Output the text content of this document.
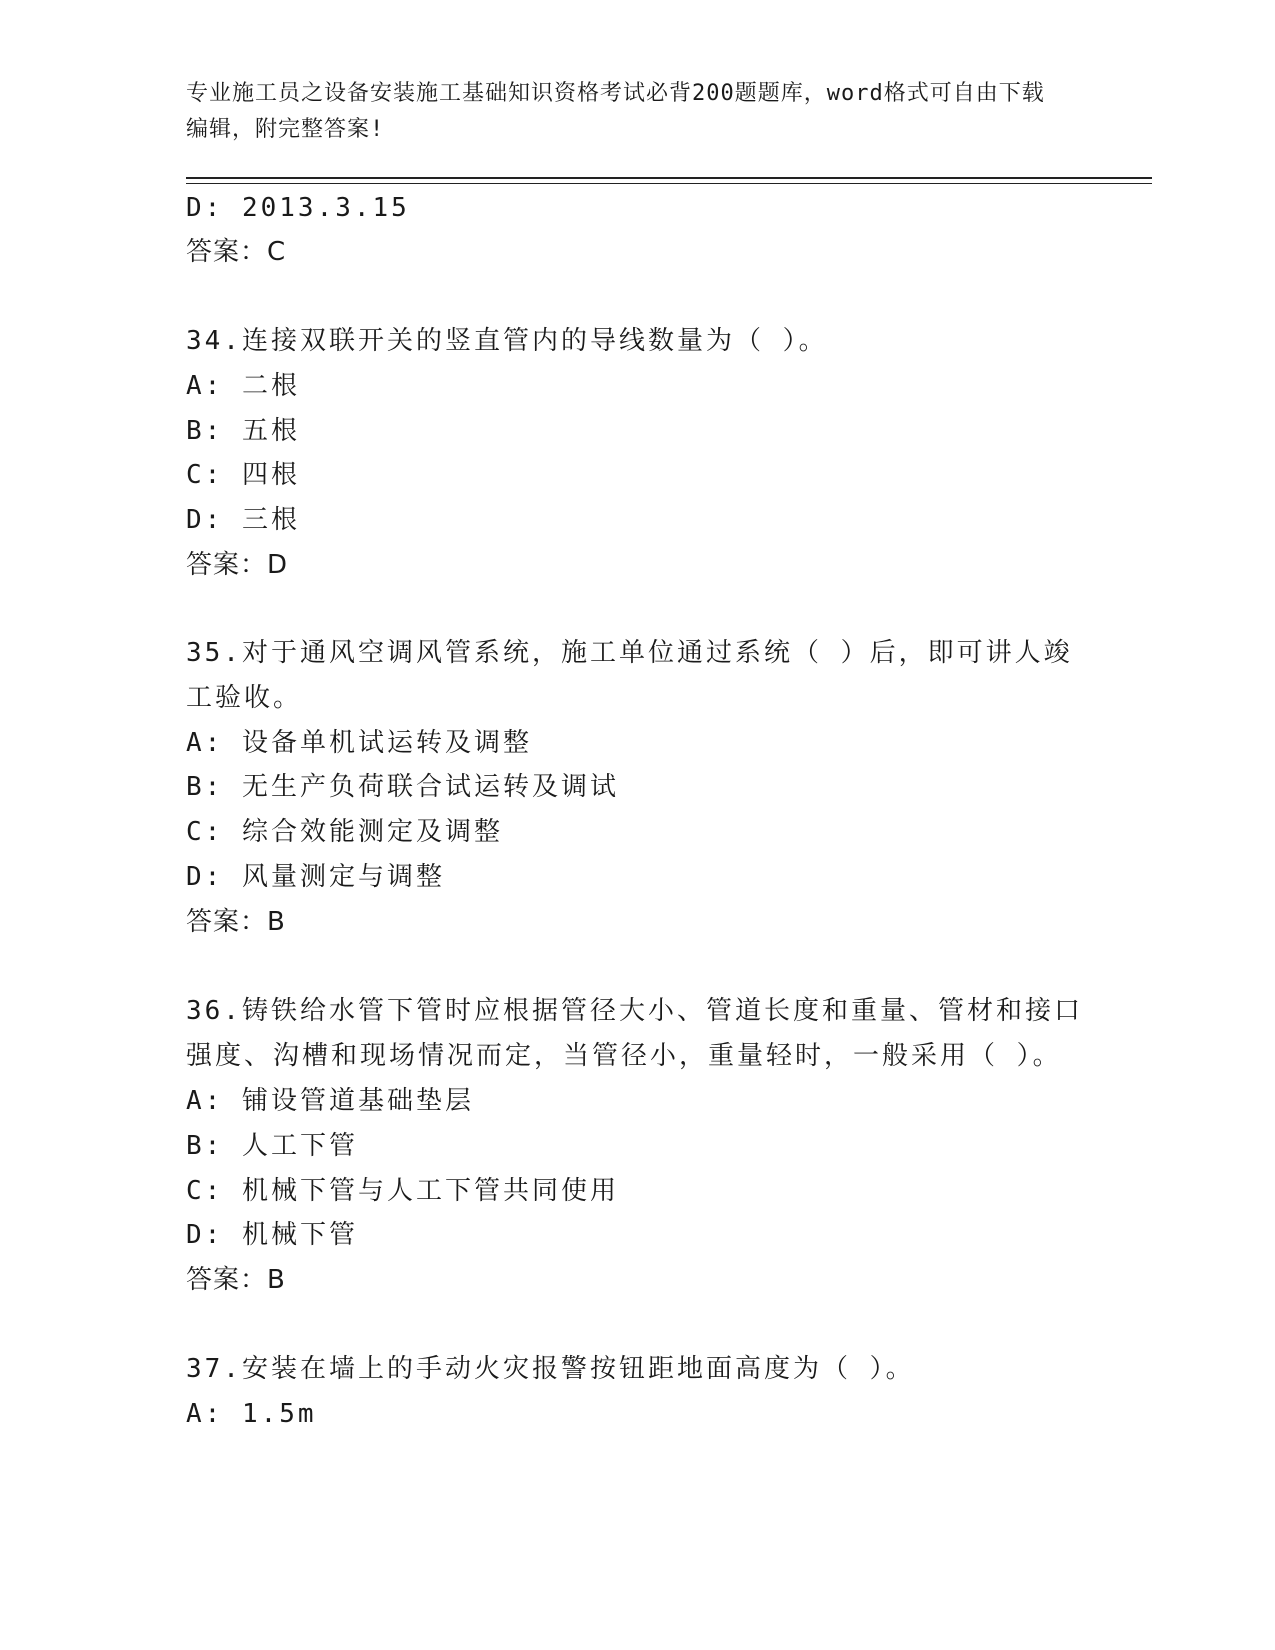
专业施工员之设备安装施工基础知识资格考试必背200题题库，word格式可自由下载编辑，附完整答案!
D: 2013.3.15
答案：C
34.连接双联开关的竖直管内的导线数量为（ ）。
A: 二根
B: 五根
C: 四根
D: 三根
答案：D
35.对于通风空调风管系统，施工单位通过系统（ ）后，即可讲人竣
工验收。
A: 设备单机试运转及调整
B: 无生产负荷联合试运转及调试
C: 综合效能测定及调整
D: 风量测定与调整
答案：B
36.铸铁给水管下管时应根据管径大小、管道长度和重量、管材和接口
强度、沟槽和现场情况而定，当管径小，重量轻时，一般采用（ ）。
A: 铺设管道基础垫层
B: 人工下管
C: 机械下管与人工下管共同使用
D: 机械下管
答案：B
37.安装在墙上的手动火灾报警按钮距地面高度为（ ）。
A: 1.5m
